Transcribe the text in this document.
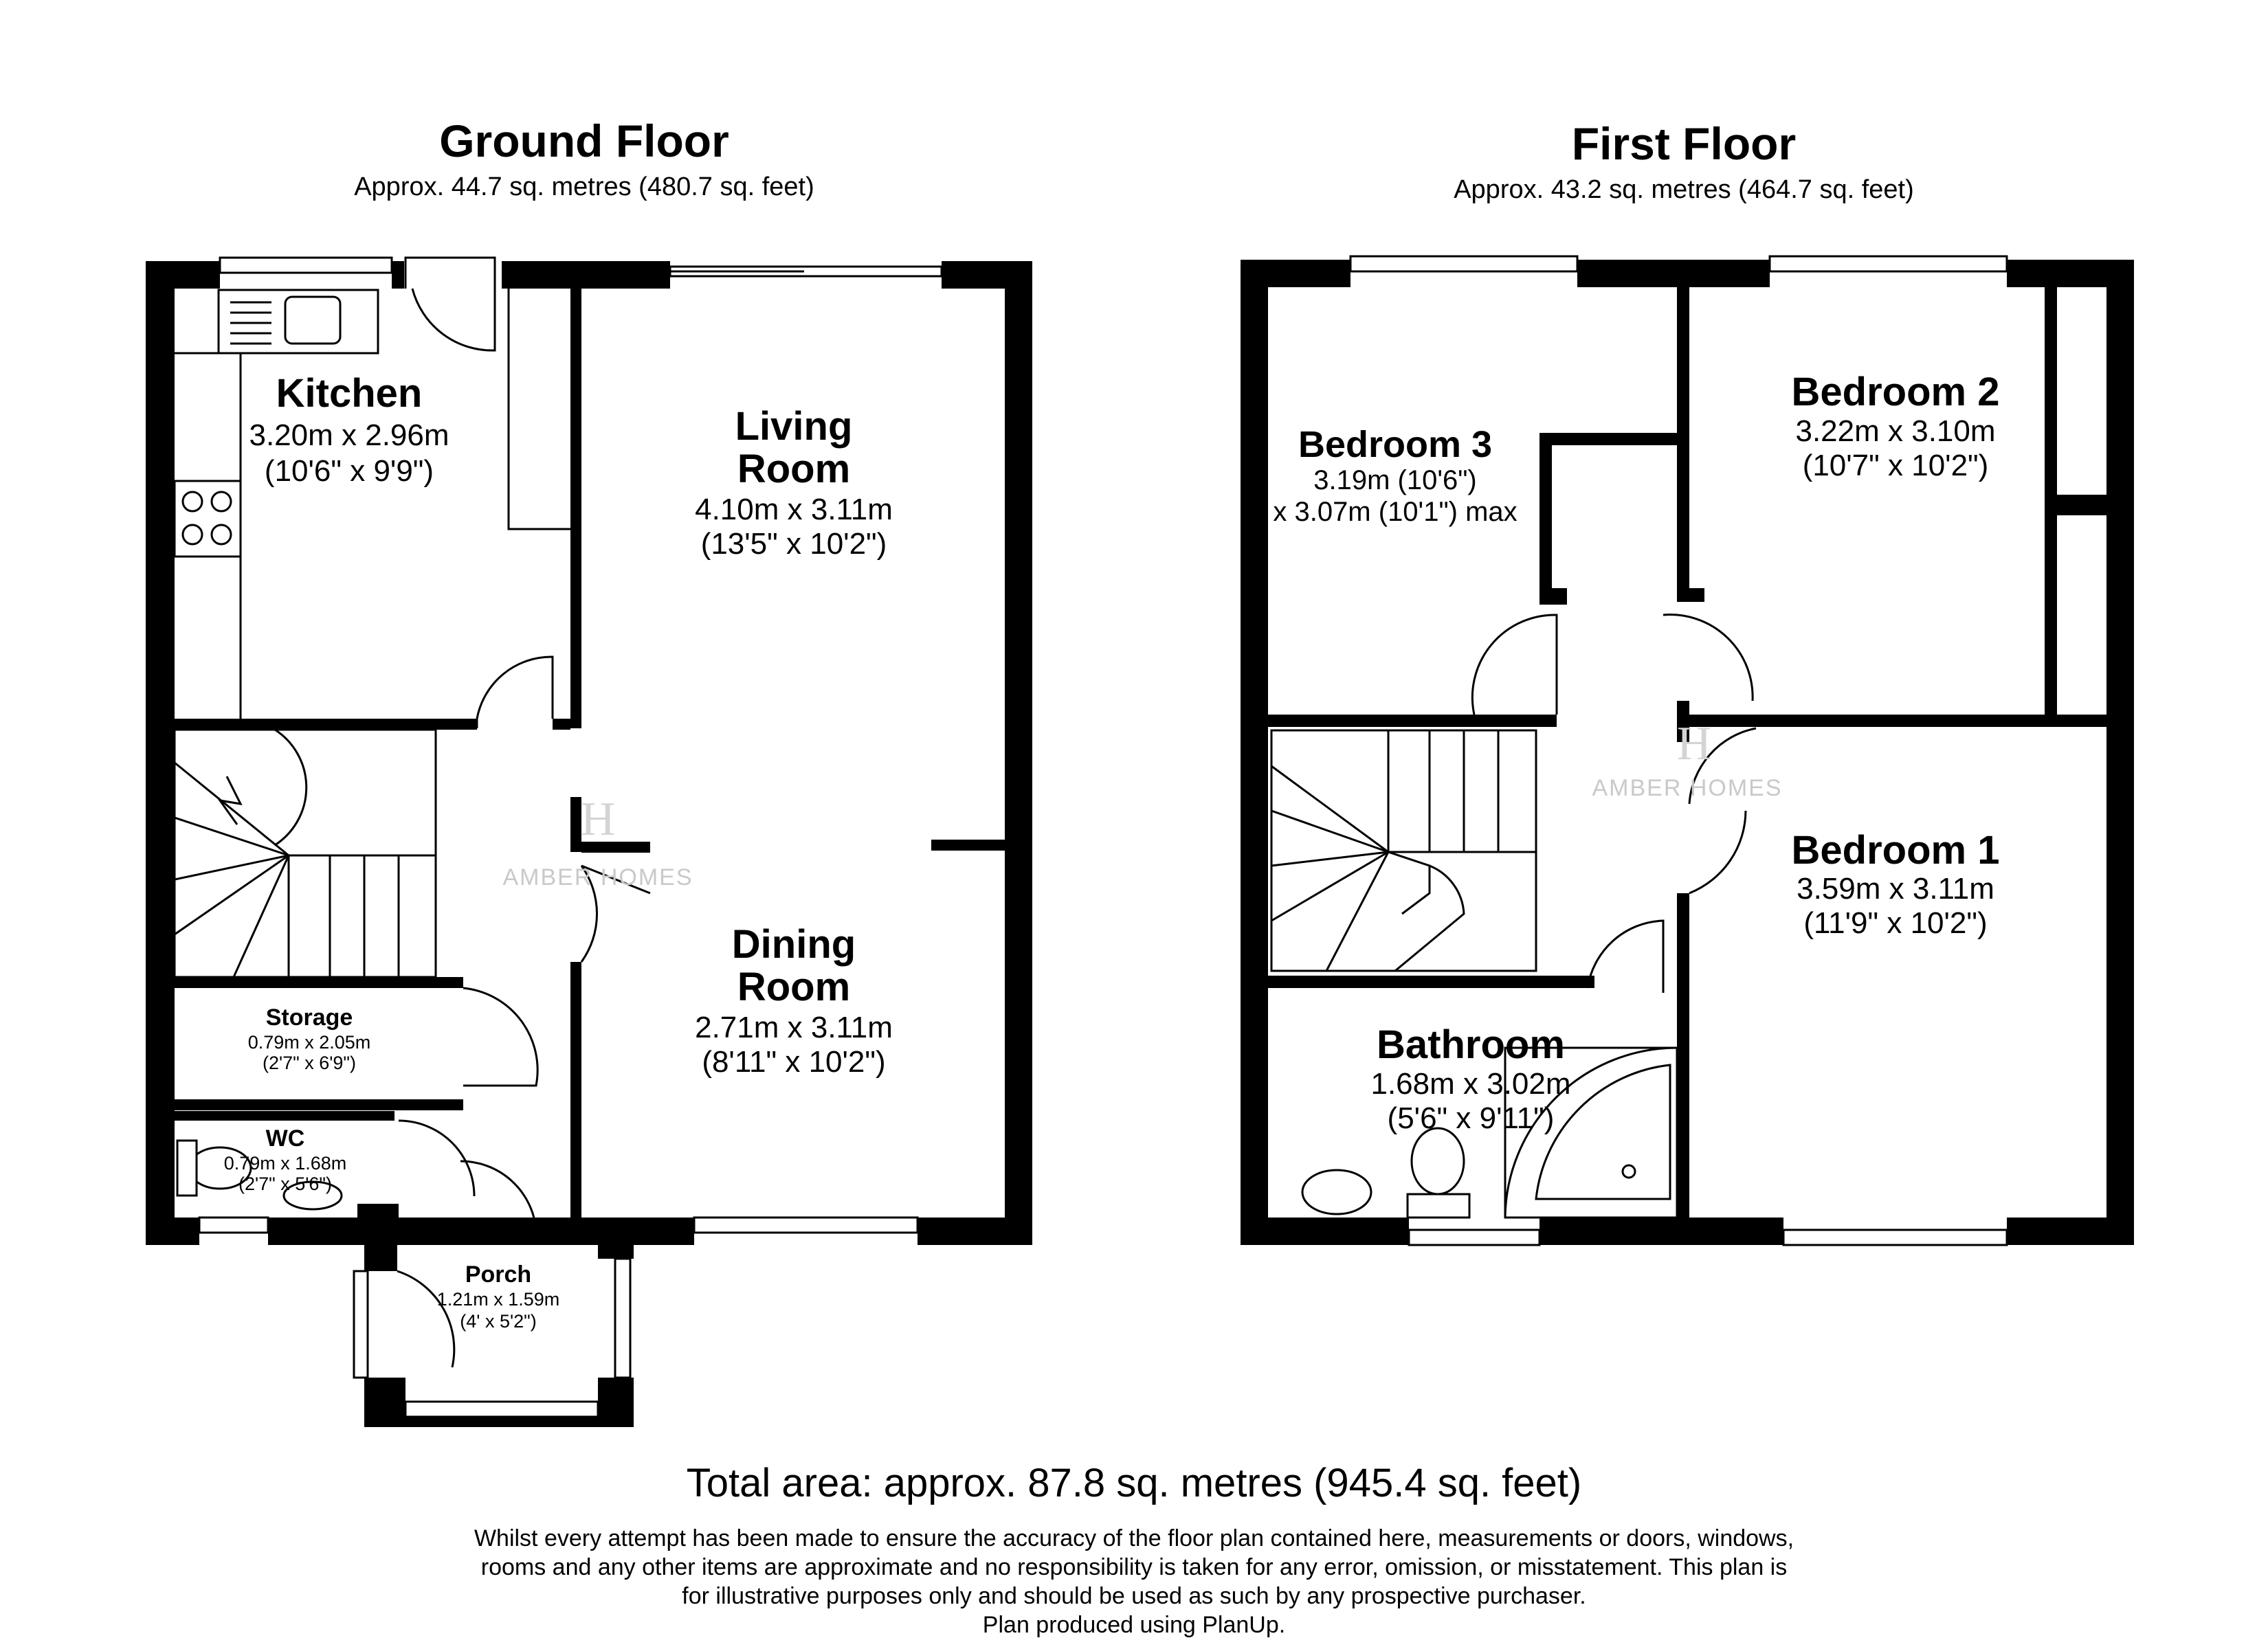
Ground Floor
Approx. 44.7 sq. metres (480.7 sq. feet)
First Floor
Approx. 43.2 sq. metres (464.7 sq. feet)
Kitchen
3.20m x 2.96m
(10'6" x 9'9")
Living
Room
4.10m x 3.11m
(13'5" x 10'2")
Dining
Room
2.71m x 3.11m
(8'11" x 10'2")
Storage
0.79m x 2.05m
(2'7" x 6'9")
WC
0.79m x 1.68m
(2'7" x 5'6")
Porch
1.21m x 1.59m
(4' x 5'2")
H
AMBER HOMES
Bedroom 3
3.19m (10'6")
x 3.07m (10'1") max
Bedroom 2
3.22m x 3.10m
(10'7" x 10'2")
Bedroom 1
3.59m x 3.11m
(11'9" x 10'2")
Bathroom
1.68m x 3.02m
(5'6" x 9'11")
H
AMBER HOMES
Total area: approx. 87.8 sq. metres (945.4 sq. feet)
Whilst every attempt has been made to ensure the accuracy of the floor plan contained here, measurements or doors, windows,
rooms and any other items are approximate and no responsibility is taken for any error, omission, or misstatement. This plan is
for illustrative purposes only and should be used as such by any prospective purchaser.
Plan produced using PlanUp.
